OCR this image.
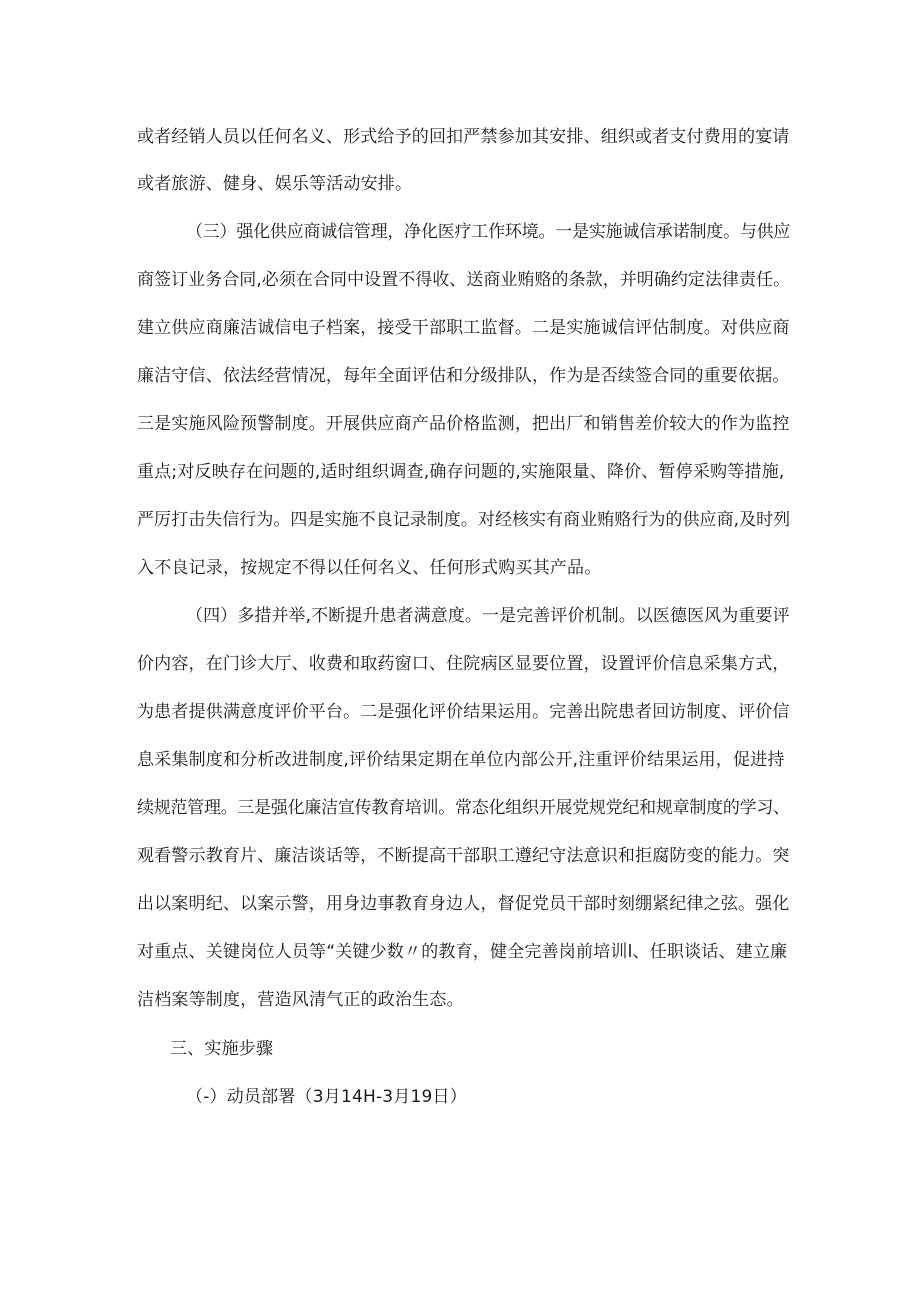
或者经销人员以任何名义、形式给予的回扣严禁参加其安排、组织或者支付费用的宴请
或者旅游、健身、娱乐等活动安排。
（三）强化供应商诚信管理，净化医疗工作环境。一是实施诚信承诺制度。与供应
商签订业务合同,必须在合同中设置不得收、送商业贿赂的条款，并明确约定法律责任。
建立供应商廉洁诚信电子档案，接受干部职工监督。二是实施诚信评估制度。对供应商
廉洁守信、依法经营情况，每年全面评估和分级排队，作为是否续签合同的重要依据。
三是实施风险预警制度。开展供应商产品价格监测，把出厂和销售差价较大的作为监控
重点;对反映存在问题的,适时组织调查,确存问题的,实施限量、降价、暂停采购等措施,
严厉打击失信行为。四是实施不良记录制度。对经核实有商业贿赂行为的供应商,及时列
入不良记录，按规定不得以任何名义、任何形式购买其产品。
（四）多措并举,不断提升患者满意度。一是完善评价机制。以医德医风为重要评
价内容，在门诊大厅、收费和取药窗口、住院病区显要位置，设置评价信息采集方式，
为患者提供满意度评价平台。二是强化评价结果运用。完善出院患者回访制度、评价信
息采集制度和分析改进制度,评价结果定期在单位内部公开,注重评价结果运用，促进持
续规范管理。三是强化廉洁宣传教育培训。常态化组织开展党规党纪和规章制度的学习、
观看警示教育片、廉洁谈话等，不断提高干部职工遵纪守法意识和拒腐防变的能力。突
出以案明纪、以案示警，用身边事教育身边人，督促党员干部时刻绷紧纪律之弦。强化
对重点、关键岗位人员等“关键少数〃的教育，健全完善岗前培训l、任职谈话、建立廉
洁档案等制度，营造风清气正的政治生态。
三、实施步骤
（-）动员部署（3月14H-3月19日）
